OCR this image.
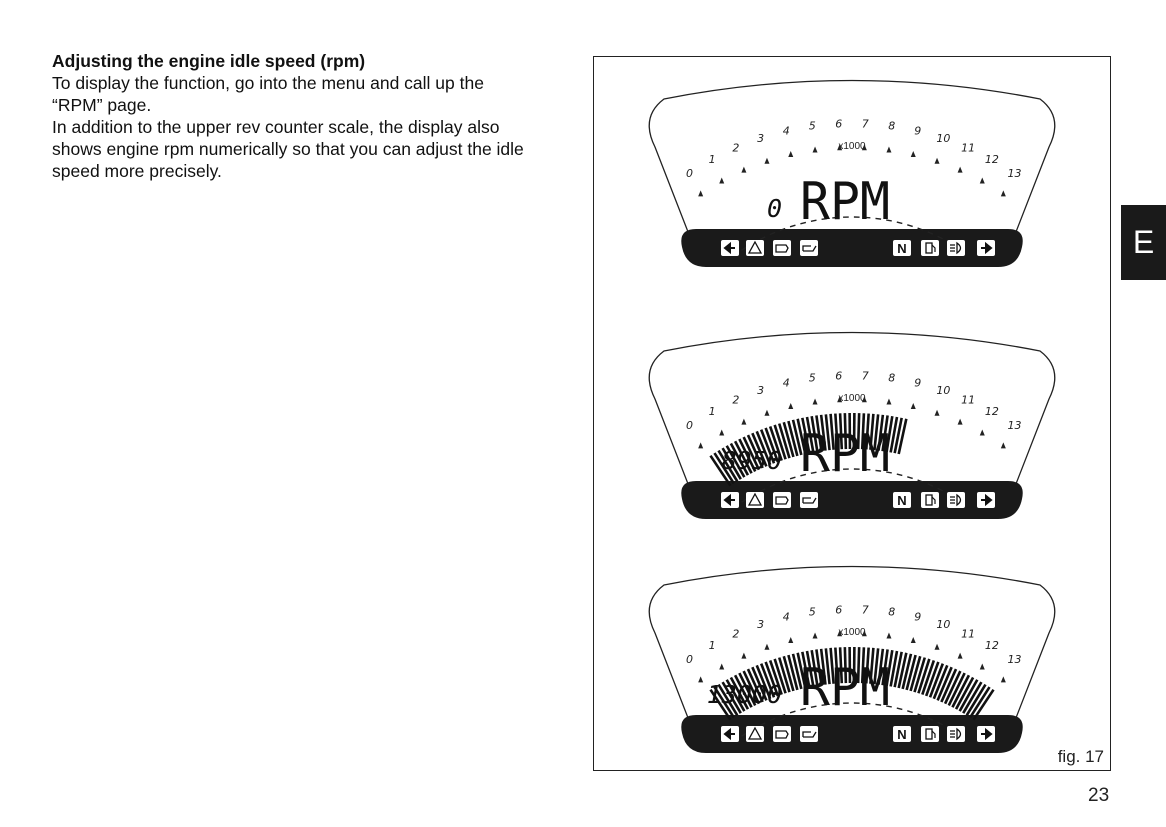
Adjusting the engine idle speed (rpm)
To display the function, go into the menu and call up the
“RPM” page.
In addition to the upper rev counter scale, the display also
shows engine rpm numerically so that you can adjust the idle
speed more precisely.	0
1
2
3
4 5 6 7 8 9
10
11
12
13
x1000
0 RPM
N
0
1
2
3
4 5 6 7 8 9
10
11
12
13
x1000
8950 RPM
N
0
1
2
3
4 5 6 7 8 9
10
11
12
13
x1000
13000 RPM
N
fig. 17
E
23
